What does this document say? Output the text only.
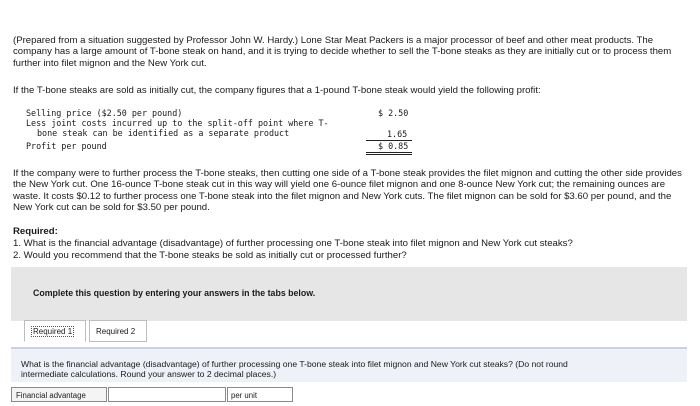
(Prepared from a situation suggested by Professor John W. Hardy.) Lone Star Meat Packers is a major processor of beef and other meat products. The company has a large amount of T-bone steak on hand, and it is trying to decide whether to sell the T-bone steaks as they are initially cut or to process them further into filet mignon and the New York cut.

If the T-bone steaks are sold as initially cut, the company figures that a 1-pound T-bone steak would yield the following profit:

Selling price ($2.50 per pound)	$ 2.50
Less joint costs incurred up to the split-off point where T-
bone steak can be identified as a separate product	1.65
Profit per pound	$ 0.85

If the company were to further process the T-bone steaks, then cutting one side of a T-bone steak provides the filet mignon and cutting the other side provides the New York cut. One 16-ounce T-bone steak cut in this way will yield one 6-ounce filet mignon and one 8-ounce New York cut; the remaining ounces are waste. It costs $0.12 to further process one T-bone steak into the filet mignon and New York cuts. The filet mignon can be sold for $3.60 per pound, and the New York cut can be sold for $3.50 per pound.

Required:

1. What is the financial advantage (disadvantage) of further processing one T-bone steak into filet mignon and New York cut steaks?

2. Would you recommend that the T-bone steaks be sold as initially cut or processed further?

Complete this question by entering your answers in the tabs below.
Required 1	Required 2
What is the financial advantage (disadvantage) of further processing one T-bone steak into filet mignon and New York cut steaks? (Do not round intermediate calculations. Round your answer to 2 decimal places.)
Financial advantage	per unit
